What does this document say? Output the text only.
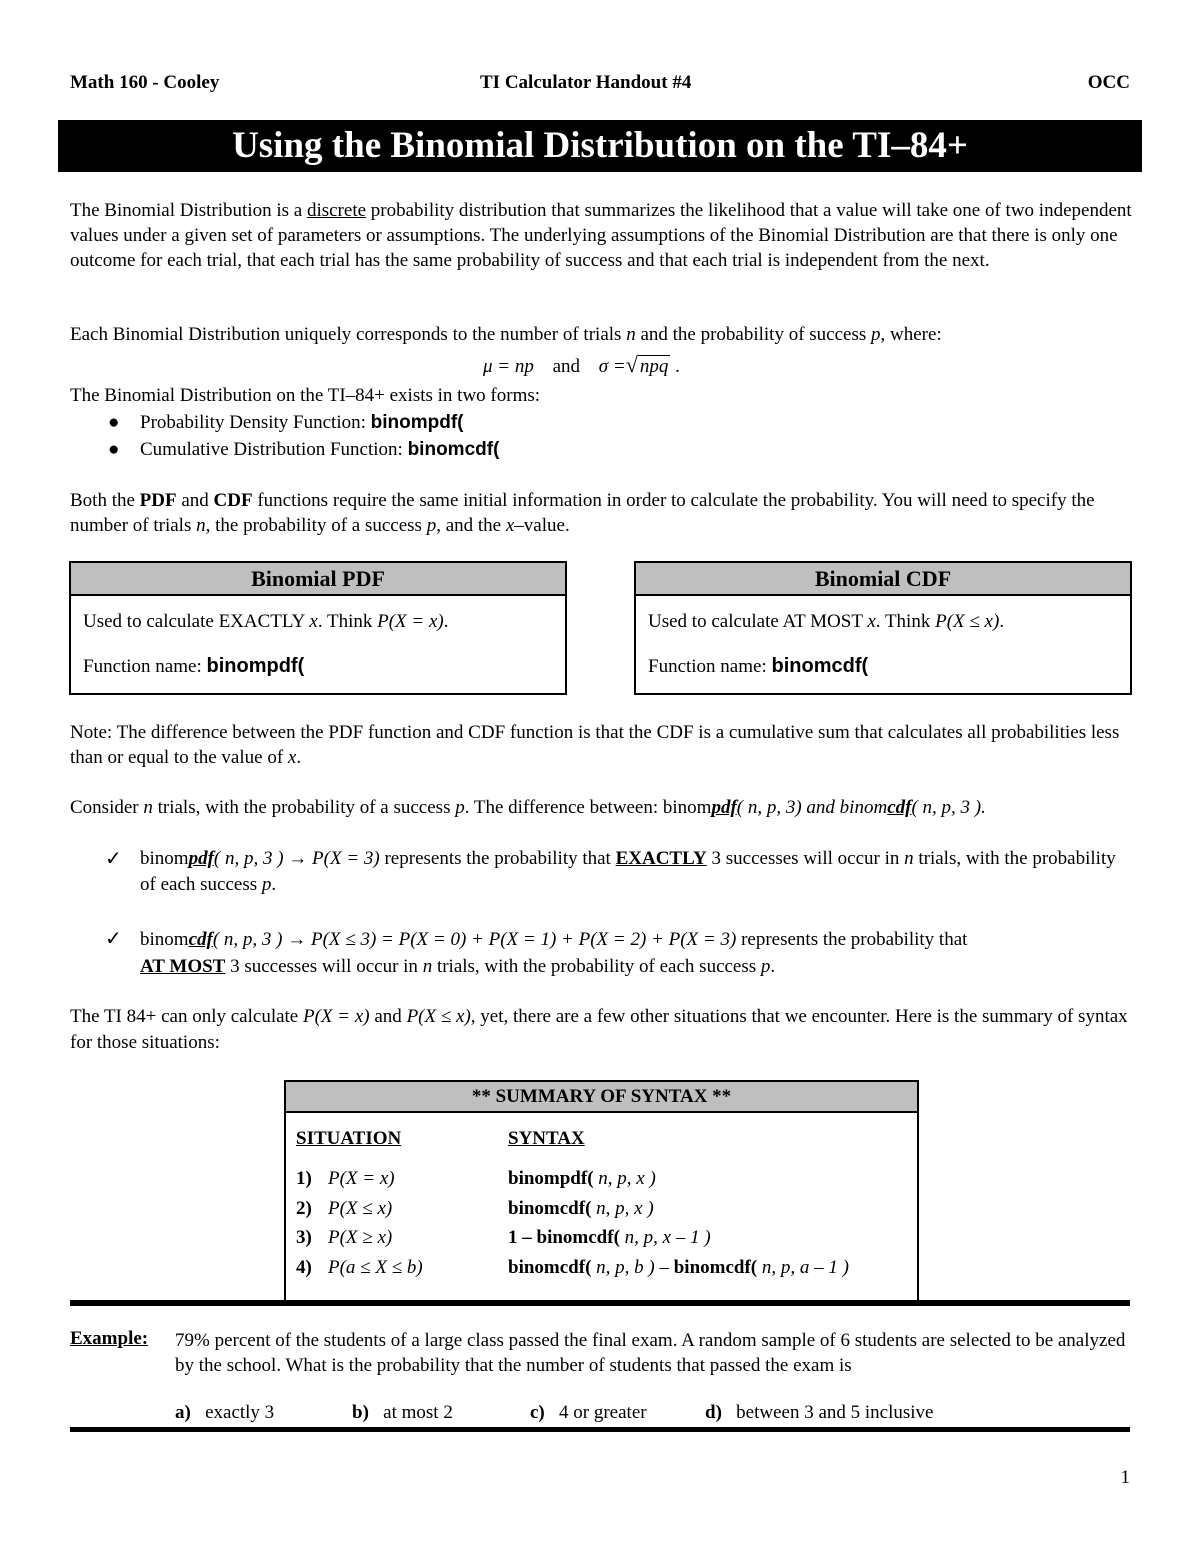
Math 160 - Cooley	TI Calculator Handout #4	OCC
Using the Binomial Distribution on the TI–84+
The Binomial Distribution is a discrete probability distribution that summarizes the likelihood that a value will take one of two independent values under a given set of parameters or assumptions. The underlying assumptions of the Binomial Distribution are that there is only one outcome for each trial, that each trial has the same probability of success and that each trial is independent from the next.
Each Binomial Distribution uniquely corresponds to the number of trials n and the probability of success p, where:
μ = np and σ =√ npq .
The Binomial Distribution on the TI–84+ exists in two forms:
● Probability Density Function: binompdf(
● Cumulative Distribution Function: binomcdf(
Both the PDF and CDF functions require the same initial information in order to calculate the probability. You will need to specify the number of trials n, the probability of a success p, and the x–value.
Binomial PDF
Used to calculate EXACTLY x. Think P(X = x).
Function name: binompdf(
Binomial CDF
Used to calculate AT MOST x. Think P(X ≤ x).
Function name: binomcdf(
Note: The difference between the PDF function and CDF function is that the CDF is a cumulative sum that calculates all probabilities less than or equal to the value of x.
Consider n trials, with the probability of a success p. The difference between: binompdf( n, p, 3) and binomcdf( n, p, 3 ).
✓ binompdf( n, p, 3 ) → P(X = 3) represents the probability that EXACTLY 3 successes will occur in n trials, with the probability of each success p.
✓ binomcdf( n, p, 3 ) → P(X ≤ 3) = P(X = 0) + P(X = 1) + P(X = 2) + P(X = 3) represents the probability that
AT MOST 3 successes will occur in n trials, with the probability of each success p.
The TI 84+ can only calculate P(X = x) and P(X ≤ x), yet, there are a few other situations that we encounter. Here is the summary of syntax for those situations:
** SUMMARY OF SYNTAX **
SITUATION	SYNTAX
1) P(X = x)	binompdf( n, p, x )
2) P(X ≤ x)	binomcdf( n, p, x )
3) P(X ≥ x)	1 – binomcdf( n, p, x – 1 )
4) P(a ≤ X ≤ b)	binomcdf( n, p, b ) – binomcdf( n, p, a – 1 )
Example: 79% percent of the students of a large class passed the final exam. A random sample of 6 students are selected to be analyzed by the school. What is the probability that the number of students that passed the exam is
a) exactly 3	b) at most 2	c) 4 or greater	d) between 3 and 5 inclusive
1
